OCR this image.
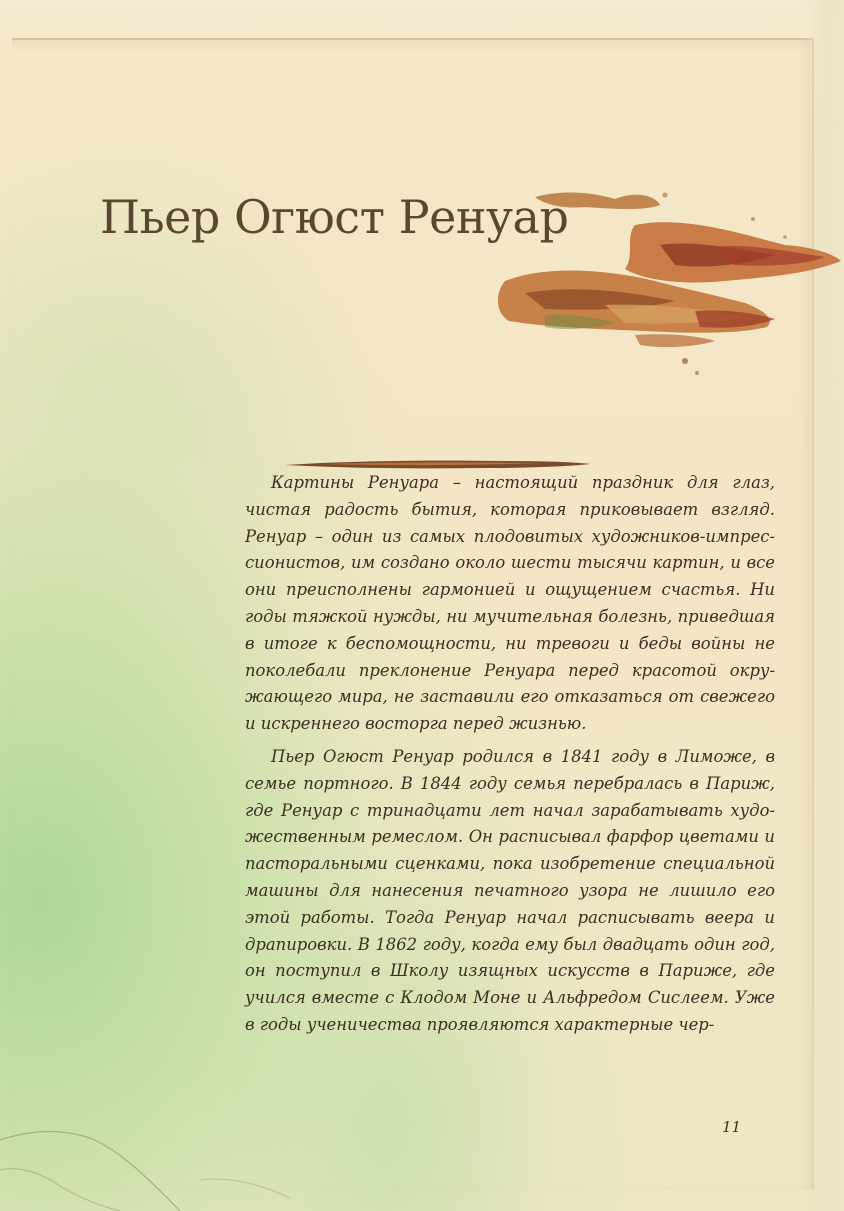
Пьер Огюст Ренуар

Картины Ренуара – настоящий праздник для глаз, чистая радость бытия, которая приковывает взгляд. Ренуар – один из самых плодовитых художников-импрессионистов, им создано около шести тысячи картин, и все они преисполнены гармонией и ощущением счастья. Ни годы тяжкой нужды, ни мучительная болезнь, приведшая в итоге к беспомощности, ни тревоги и беды войны не поколебали преклонение Ренуара перед красотой окружающего мира, не заставили его отказаться от свежего и искреннего восторга перед жизнью.

Пьер Огюст Ренуар родился в 1841 году в Лиможе, в семье портного. В 1844 году семья перебралась в Париж, где Ренуар с тринадцати лет начал зарабатывать художественным ремеслом. Он расписывал фарфор цветами и пасторальными сценками, пока изобретение специальной машины для нанесения печатного узора не лишило его этой работы. Тогда Ренуар начал расписывать веера и драпировки. В 1862 году, когда ему был двадцать один год, он поступил в Школу изящных искусств в Париже, где учился вместе с Клодом Моне и Альфредом Сислеем. Уже в годы ученичества проявляются характерные чер-

11
